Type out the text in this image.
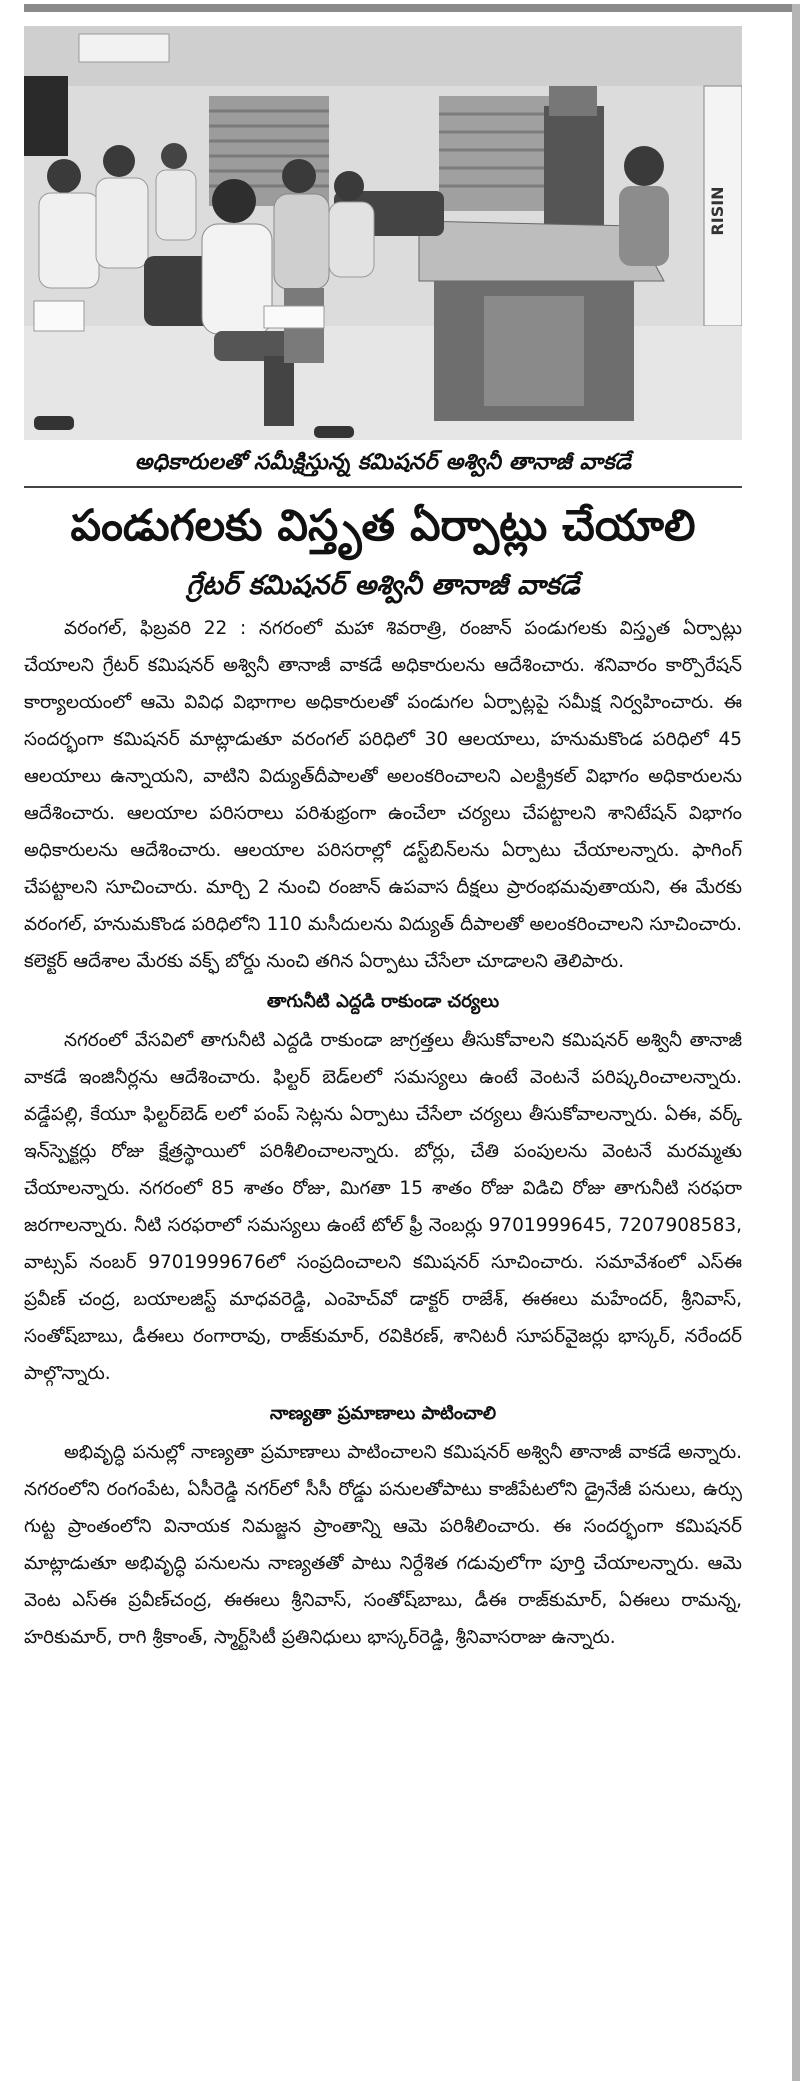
RISIN
అధికారులతో సమీక్షిస్తున్న కమిషనర్ అశ్వినీ తానాజీ వాకడే
పండుగలకు విస్తృత ఏర్పాట్లు చేయాలి
గ్రేటర్ కమిషనర్ అశ్వినీ తానాజీ వాకడే

వరంగల్, ఫిబ్రవరి 22 : నగరంలో మహా శివరాత్రి, రంజాన్ పండుగలకు విస్తృత ఏర్పాట్లు చేయాలని గ్రేటర్ కమిషనర్ అశ్వినీ తానాజీ వాకడే అధికారులను ఆదేశించారు. శనివారం కార్పొరేషన్ కార్యాలయంలో ఆమె వివిధ విభాగాల అధికారులతో పండుగల ఏర్పాట్లపై సమీక్ష నిర్వహించారు. ఈ సందర్భంగా కమిషనర్ మాట్లాడుతూ వరంగల్ పరిధిలో 30 ఆలయాలు, హనుమకొండ పరిధిలో 45 ఆలయాలు ఉన్నాయని, వాటిని విద్యుత్‌దీపాలతో అలంకరించాలని ఎలక్ట్రికల్ విభాగం అధికారులను ఆదేశించారు. ఆలయాల పరిసరాలు పరిశుభ్రంగా ఉంచేలా చర్యలు చేపట్టాలని శానిటేషన్ విభాగం అధికారులను ఆదేశించారు. ఆలయాల పరిసరాల్లో డస్ట్‌బిన్‌లను ఏర్పాటు చేయాలన్నారు. ఫాగింగ్ చేపట్టాలని సూచించారు. మార్చి 2 నుంచి రంజాన్ ఉపవాస దీక్షలు ప్రారంభమవుతాయని, ఈ మేరకు వరంగల్, హనుమకొండ పరిధిలోని 110 మసీదులను విద్యుత్ దీపాలతో అలంకరించాలని సూచించారు. కలెక్టర్ ఆదేశాల మేరకు వక్ఫ్ బోర్డు నుంచి తగిన ఏర్పాటు చేసేలా చూడాలని తెలిపారు.

తాగునీటి ఎద్దడి రాకుండా చర్యలు

నగరంలో వేసవిలో తాగునీటి ఎద్దడి రాకుండా జాగ్రత్తలు తీసుకోవాలని కమిషనర్ అశ్వినీ తానాజీ వాకడే ఇంజినీర్లను ఆదేశించారు. ఫిల్టర్ బెడ్‌లలో సమస్యలు ఉంటే వెంటనే పరిష్కరించాలన్నారు. వడ్డేపల్లి, కేయూ ఫిల్టర్‌బెడ్ లలో పంప్ సెట్లను ఏర్పాటు చేసేలా చర్యలు తీసుకోవాలన్నారు. ఏఈ, వర్క్ ఇన్‌స్పెక్టర్లు రోజు క్షేత్రస్థాయిలో పరిశీలించాలన్నారు. బోర్లు, చేతి పంపులను వెంటనే మరమ్మతు చేయాలన్నారు. నగరంలో 85 శాతం రోజు, మిగతా 15 శాతం రోజు విడిచి రోజు తాగునీటి సరఫరా జరగాలన్నారు. నీటి సరఫరాలో సమస్యలు ఉంటే టోల్ ఫ్రీ నెంబర్లు 9701999645, 7207908583, వాట్సప్ నంబర్ 9701999676లో సంప్రదించాలని కమిషనర్ సూచించారు. సమావేశంలో ఎస్ఈ ప్రవీణ్ చంద్ర, బయాలజిస్ట్ మాధవరెడ్డి, ఎంహెచ్‌వో డాక్టర్ రాజేశ్, ఈఈలు మహేందర్, శ్రీనివాస్, సంతోష్‌బాబు, డీఈలు రంగారావు, రాజ్‌కుమార్, రవికిరణ్, శానిటరీ సూపర్‌వైజర్లు భాస్కర్, నరేందర్ పాల్గొన్నారు.

నాణ్యతా ప్రమాణాలు పాటించాలి

అభివృద్ధి పనుల్లో నాణ్యతా ప్రమాణాలు పాటించాలని కమిషనర్ అశ్వినీ తానాజీ వాకడే అన్నారు. నగరంలోని రంగంపేట, ఏసీరెడ్డి నగర్‌లో సీసీ రోడ్డు పనులతోపాటు కాజీపేటలోని డ్రైనేజీ పనులు, ఉర్సు గుట్ట ప్రాంతంలోని వినాయక నిమజ్జన ప్రాంతాన్ని ఆమె పరిశీలించారు. ఈ సందర్భంగా కమిషనర్ మాట్లాడుతూ అభివృద్ధి పనులను నాణ్యతతో పాటు నిర్దేశిత గడువులోగా పూర్తి చేయాలన్నారు. ఆమె వెంట ఎస్ఈ ప్రవీణ్‌చంద్ర, ఈఈలు శ్రీనివాస్, సంతోష్‌బాబు, డీఈ రాజ్‌కుమార్, ఏఈలు రామన్న, హరికుమార్, రాగి శ్రీకాంత్, స్మార్ట్‌సిటీ ప్రతినిధులు భాస్కర్‌రెడ్డి, శ్రీనివాసరాజు ఉన్నారు.
